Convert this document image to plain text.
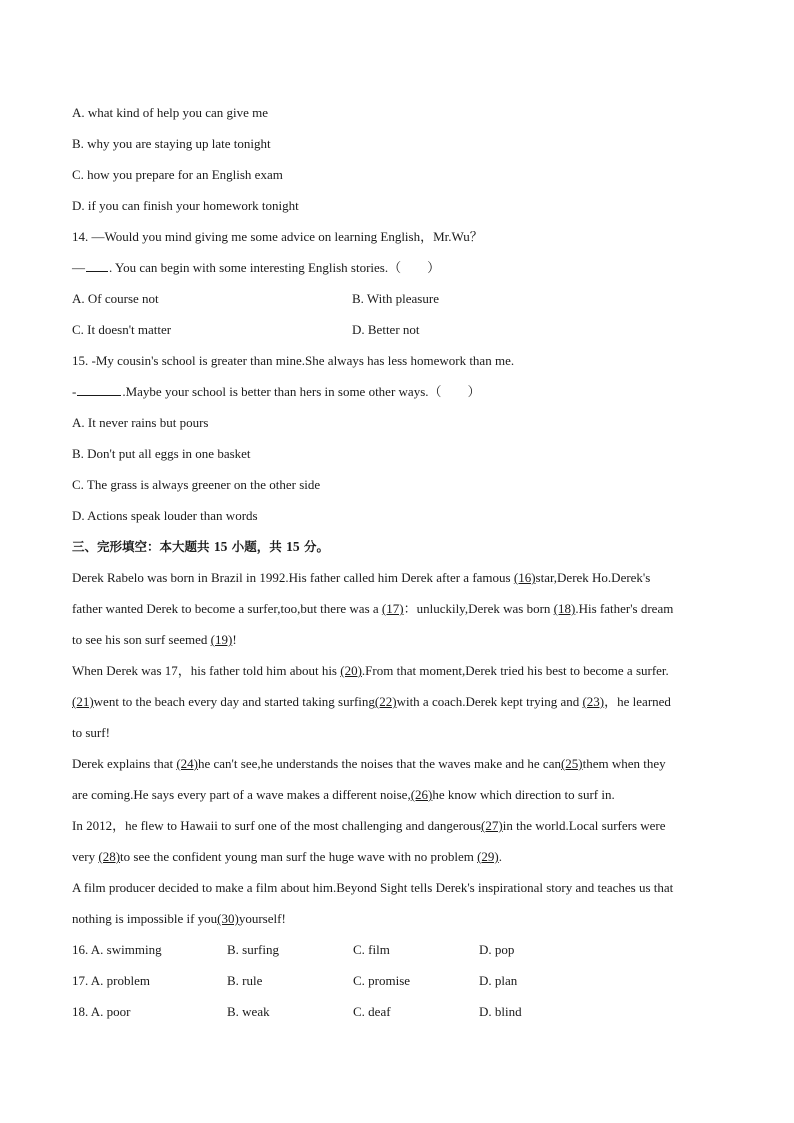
A. what kind of help you can give me
B. why you are staying up late tonight
C. how you prepare for an English exam
D. if you can finish your homework tonight
14. —Would you mind giving me some advice on learning English，Mr.Wu？
— . You can begin with some interesting English stories.（　　）
A. Of course not	B. With pleasure
C. It doesn't matter	D. Better not
15. -My cousin's school is greater than mine.She always has less homework than me.
-	.Maybe your school is better than hers in some other ways.（　　）
A. It never rains but pours
B. Don't put all eggs in one basket
C. The grass is always greener on the other side
D. Actions speak louder than words
三、完形填空：本大题共 15 小题，共 15 分。
Derek Rabelo was born in Brazil in 1992.His father called him Derek after a famous (16)star,Derek Ho.Derek's
father wanted Derek to become a surfer,too,but there was a (17)：unluckily,Derek was born (18).His father's dream
to see his son surf seemed (19)!
When Derek was 17，his father told him about his (20).From that moment,Derek tried his best to become a surfer.
(21)went to the beach every day and started taking surfing(22)with a coach.Derek kept trying and (23)，he learned
to surf!
Derek explains that (24)he can't see,he understands the noises that the waves make and he can(25)them when they
are coming.He says every part of a wave makes a different noise,(26)he know which direction to surf in.
In 2012，he flew to Hawaii to surf one of the most challenging and dangerous(27)in the world.Local surfers were
very (28)to see the confident young man surf the huge wave with no problem (29).
A film producer decided to make a film about him.Beyond Sight tells Derek's inspirational story and teaches us that
nothing is impossible if you(30)yourself!
16. A. swimming	B. surfing	C. film	D. pop
17. A. problem	B. rule	C. promise	D. plan
18. A. poor	B. weak	C. deaf	D. blind
